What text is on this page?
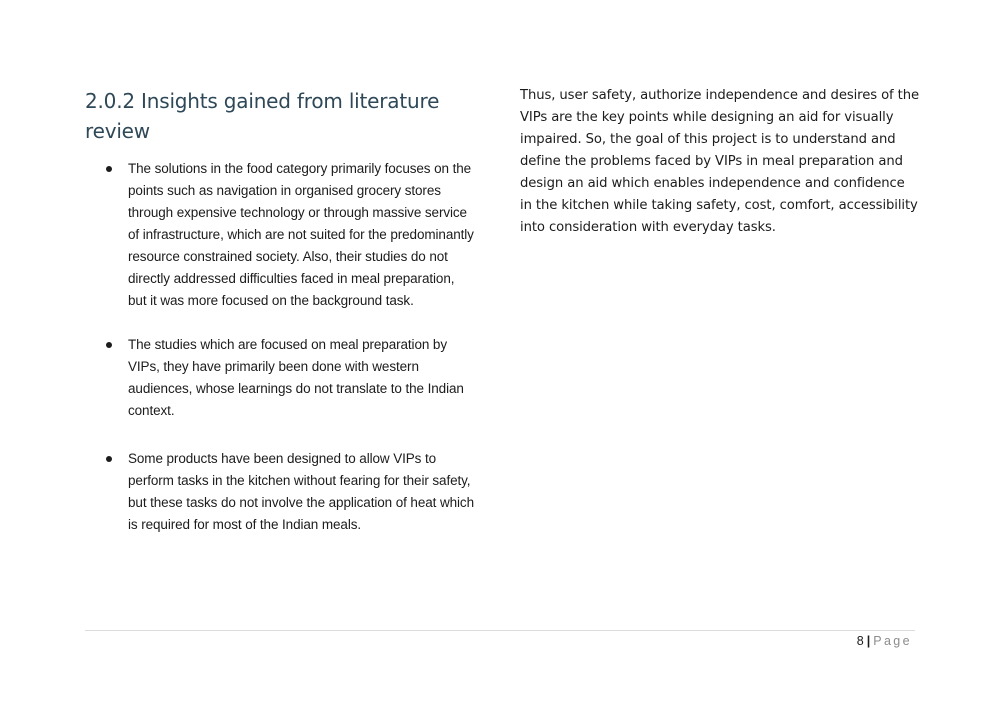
2.0.2 Insights gained from literature review
The solutions in the food category primarily focuses on the points such as navigation in organised grocery stores through expensive technology or through massive service of infrastructure, which are not suited for the predominantly resource constrained society. Also, their studies do not directly addressed difficulties faced in meal preparation, but it was more focused on the background task.
The studies which are focused on meal preparation by VIPs, they have primarily been done with western audiences, whose learnings do not translate to the Indian context.
Some products have been designed to allow VIPs to perform tasks in the kitchen without fearing for their safety, but these tasks do not involve the application of heat which is required for most of the Indian meals.

Thus, user safety, authorize independence and desires of the VIPs are the key points while designing an aid for visually impaired. So, the goal of this project is to understand and define the problems faced by VIPs in meal preparation and design an aid which enables independence and confidence in the kitchen while taking safety, cost, comfort, accessibility into consideration with everyday tasks.

8 | Page
